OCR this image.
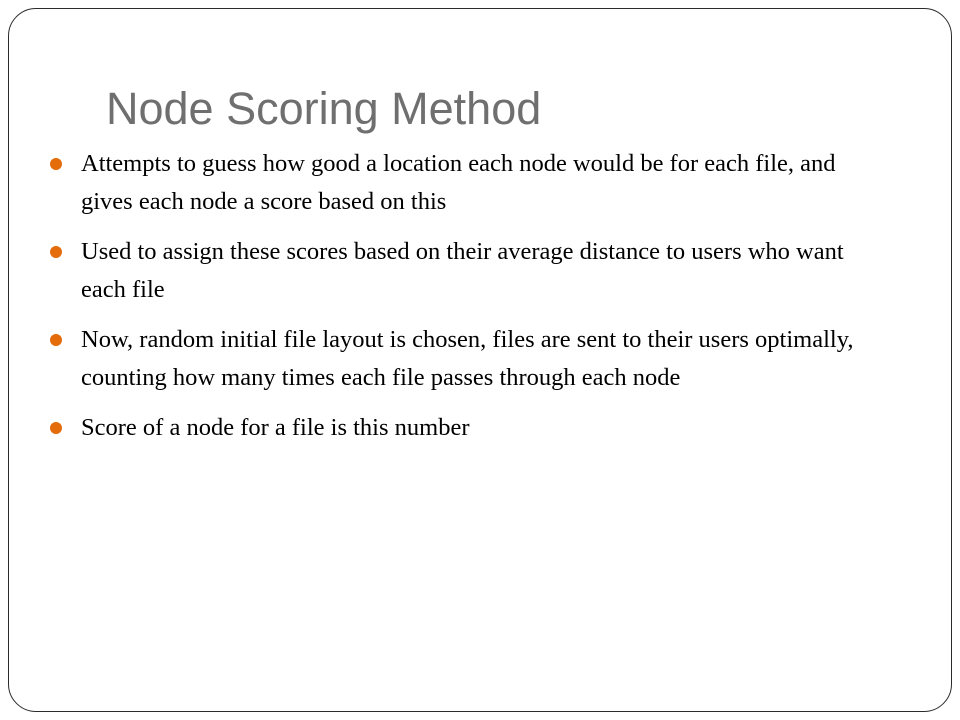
Node Scoring Method
Attempts to guess how good a location each node would be for each file, and gives each node a score based on this
Used to assign these scores based on their average distance to users who want each file
Now, random initial file layout is chosen, files are sent to their users optimally, counting how many times each file passes through each node
Score of a node for a file is this number
